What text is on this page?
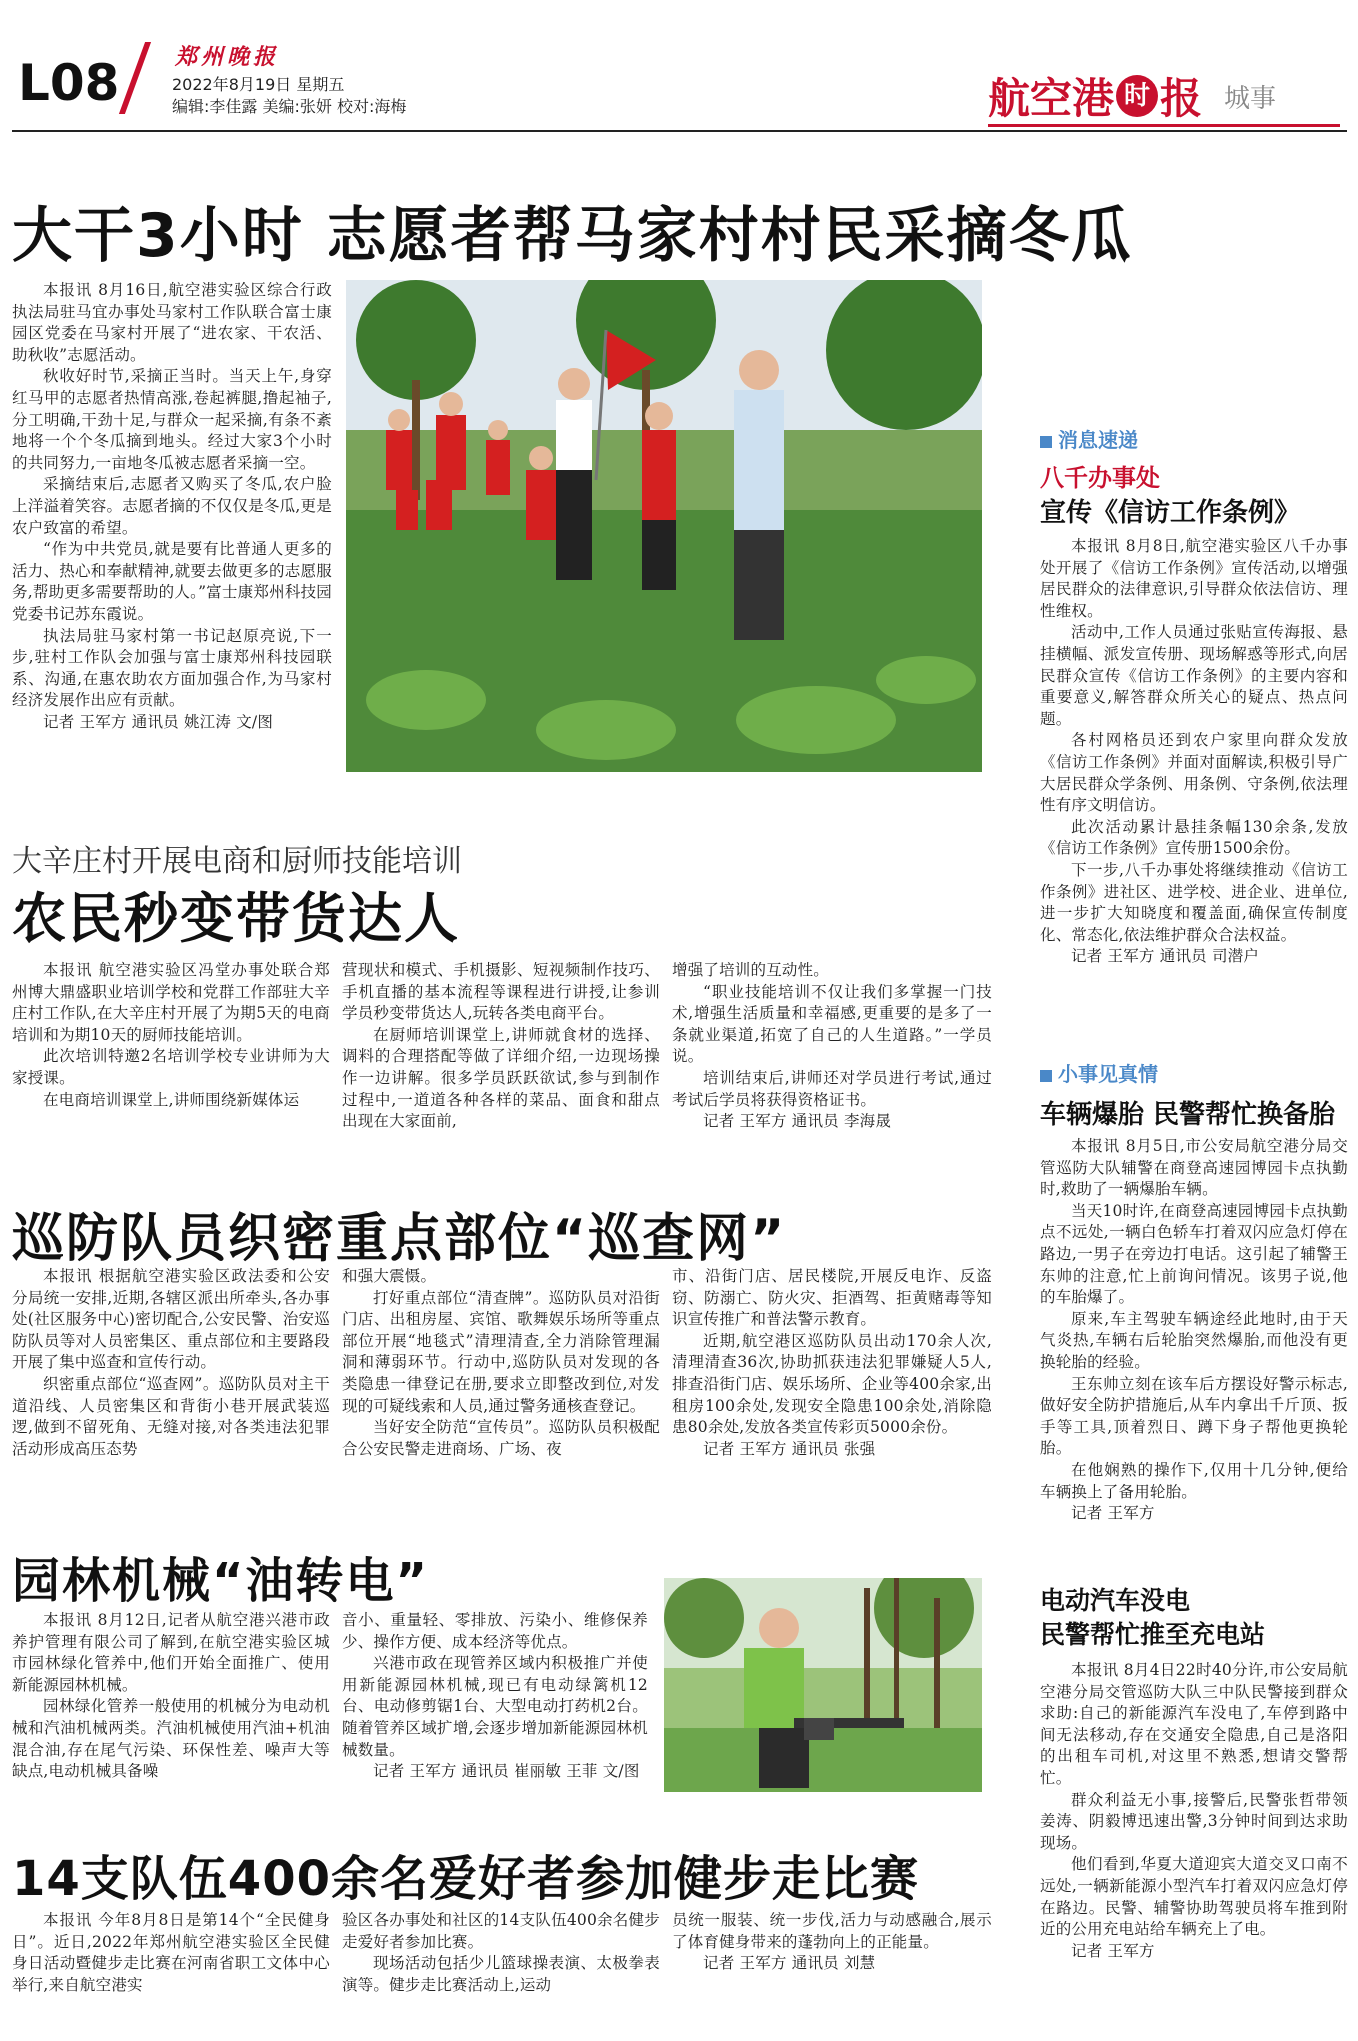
L08	郑州晚报
2022年8月19日 星期五
编辑:李佳露 美编:张妍 校对:海梅	航空港 时 报 城事
大干3小时 志愿者帮马家村村民采摘冬瓜

本报讯 8月16日,航空港实验区综合行政执法局驻马宜办事处马家村工作队联合富士康园区党委在马家村开展了“进农家、干农活、助秋收”志愿活动。

秋收好时节,采摘正当时。当天上午,身穿红马甲的志愿者热情高涨,卷起裤腿,撸起袖子,分工明确,干劲十足,与群众一起采摘,有条不紊地将一个个冬瓜摘到地头。经过大家3个小时的共同努力,一亩地冬瓜被志愿者采摘一空。

采摘结束后,志愿者又购买了冬瓜,农户脸上洋溢着笑容。志愿者摘的不仅仅是冬瓜,更是农户致富的希望。

“作为中共党员,就是要有比普通人更多的活力、热心和奉献精神,就要去做更多的志愿服务,帮助更多需要帮助的人。”富士康郑州科技园党委书记苏东霞说。

执法局驻马家村第一书记赵原亮说,下一步,驻村工作队会加强与富士康郑州科技园联系、沟通,在惠农助农方面加强合作,为马家村经济发展作出应有贡献。

记者 王军方 通讯员 姚江涛 文/图
消息速递
八千办事处
宣传《信访工作条例》

本报讯 8月8日,航空港实验区八千办事处开展了《信访工作条例》宣传活动,以增强居民群众的法律意识,引导群众依法信访、理性维权。

活动中,工作人员通过张贴宣传海报、悬挂横幅、派发宣传册、现场解惑等形式,向居民群众宣传《信访工作条例》的主要内容和重要意义,解答群众所关心的疑点、热点问题。

各村网格员还到农户家里向群众发放《信访工作条例》并面对面解读,积极引导广大居民群众学条例、用条例、守条例,依法理性有序文明信访。

此次活动累计悬挂条幅130余条,发放《信访工作条例》宣传册1500余份。

下一步,八千办事处将继续推动《信访工作条例》进社区、进学校、进企业、进单位,进一步扩大知晓度和覆盖面,确保宣传制度化、常态化,依法维护群众合法权益。

记者 王军方 通讯员 司潜户
小事见真情
车辆爆胎 民警帮忙换备胎

本报讯 8月5日,市公安局航空港分局交管巡防大队辅警在商登高速园博园卡点执勤时,救助了一辆爆胎车辆。

当天10时许,在商登高速园博园卡点执勤点不远处,一辆白色轿车打着双闪应急灯停在路边,一男子在旁边打电话。这引起了辅警王东帅的注意,忙上前询问情况。该男子说,他的车胎爆了。

原来,车主驾驶车辆途经此地时,由于天气炎热,车辆右后轮胎突然爆胎,而他没有更换轮胎的经验。

王东帅立刻在该车后方摆设好警示标志,做好安全防护措施后,从车内拿出千斤顶、扳手等工具,顶着烈日、蹲下身子帮他更换轮胎。

在他娴熟的操作下,仅用十几分钟,便给车辆换上了备用轮胎。

记者 王军方
电动汽车没电
民警帮忙推至充电站

本报讯 8月4日22时40分许,市公安局航空港分局交管巡防大队三中队民警接到群众求助:自己的新能源汽车没电了,车停到路中间无法移动,存在交通安全隐患,自己是洛阳的出租车司机,对这里不熟悉,想请交警帮忙。

群众利益无小事,接警后,民警张哲带领姜涛、阴毅博迅速出警,3分钟时间到达求助现场。

他们看到,华夏大道迎宾大道交叉口南不远处,一辆新能源小型汽车打着双闪应急灯停在路边。民警、辅警协助驾驶员将车推到附近的公用充电站给车辆充上了电。

记者 王军方
大辛庄村开展电商和厨师技能培训
农民秒变带货达人

本报讯 航空港实验区冯堂办事处联合郑州博大鼎盛职业培训学校和党群工作部驻大辛庄村工作队,在大辛庄村开展了为期5天的电商培训和为期10天的厨师技能培训。

此次培训特邀2名培训学校专业讲师为大家授课。

在电商培训课堂上,讲师围绕新媒体运

营现状和模式、手机摄影、短视频制作技巧、手机直播的基本流程等课程进行讲授,让参训学员秒变带货达人,玩转各类电商平台。

在厨师培训课堂上,讲师就食材的选择、调料的合理搭配等做了详细介绍,一边现场操作一边讲解。很多学员跃跃欲试,参与到制作过程中,一道道各种各样的菜品、面食和甜点出现在大家面前,

增强了培训的互动性。

“职业技能培训不仅让我们多掌握一门技术,增强生活质量和幸福感,更重要的是多了一条就业渠道,拓宽了自己的人生道路。”一学员说。

培训结束后,讲师还对学员进行考试,通过考试后学员将获得资格证书。

记者 王军方 通讯员 李海晟
巡防队员织密重点部位“巡查网”

本报讯 根据航空港实验区政法委和公安分局统一安排,近期,各辖区派出所牵头,各办事处(社区服务中心)密切配合,公安民警、治安巡防队员等对人员密集区、重点部位和主要路段开展了集中巡查和宣传行动。

织密重点部位“巡查网”。巡防队员对主干道沿线、人员密集区和背街小巷开展武装巡逻,做到不留死角、无缝对接,对各类违法犯罪活动形成高压态势

和强大震慑。

打好重点部位“清查牌”。巡防队员对沿街门店、出租房屋、宾馆、歌舞娱乐场所等重点部位开展“地毯式”清理清查,全力消除管理漏洞和薄弱环节。行动中,巡防队员对发现的各类隐患一律登记在册,要求立即整改到位,对发现的可疑线索和人员,通过警务通核查登记。

当好安全防范“宣传员”。巡防队员积极配合公安民警走进商场、广场、夜

市、沿街门店、居民楼院,开展反电诈、反盗窃、防溺亡、防火灾、拒酒驾、拒黄赌毒等知识宣传推广和普法警示教育。

近期,航空港区巡防队员出动170余人次,清理清查36次,协助抓获违法犯罪嫌疑人5人,排查沿街门店、娱乐场所、企业等400余家,出租房100余处,发现安全隐患100余处,消除隐患80余处,发放各类宣传彩页5000余份。

记者 王军方 通讯员 张强
园林机械“油转电”

本报讯 8月12日,记者从航空港兴港市政养护管理有限公司了解到,在航空港实验区城市园林绿化管养中,他们开始全面推广、使用新能源园林机械。

园林绿化管养一般使用的机械分为电动机械和汽油机械两类。汽油机械使用汽油+机油混合油,存在尾气污染、环保性差、噪声大等缺点,电动机械具备噪

音小、重量轻、零排放、污染小、维修保养少、操作方便、成本经济等优点。

兴港市政在现管养区域内积极推广并使用新能源园林机械,现已有电动绿篱机12台、电动修剪锯1台、大型电动打药机2台。随着管养区域扩增,会逐步增加新能源园林机械数量。

记者 王军方 通讯员 崔丽敏 王菲 文/图
14支队伍400余名爱好者参加健步走比赛

本报讯 今年8月8日是第14个“全民健身日”。近日,2022年郑州航空港实验区全民健身日活动暨健步走比赛在河南省职工文体中心举行,来自航空港实

验区各办事处和社区的14支队伍400余名健步走爱好者参加比赛。

现场活动包括少儿篮球操表演、太极拳表演等。健步走比赛活动上,运动

员统一服装、统一步伐,活力与动感融合,展示了体育健身带来的蓬勃向上的正能量。

记者 王军方 通讯员 刘慧
